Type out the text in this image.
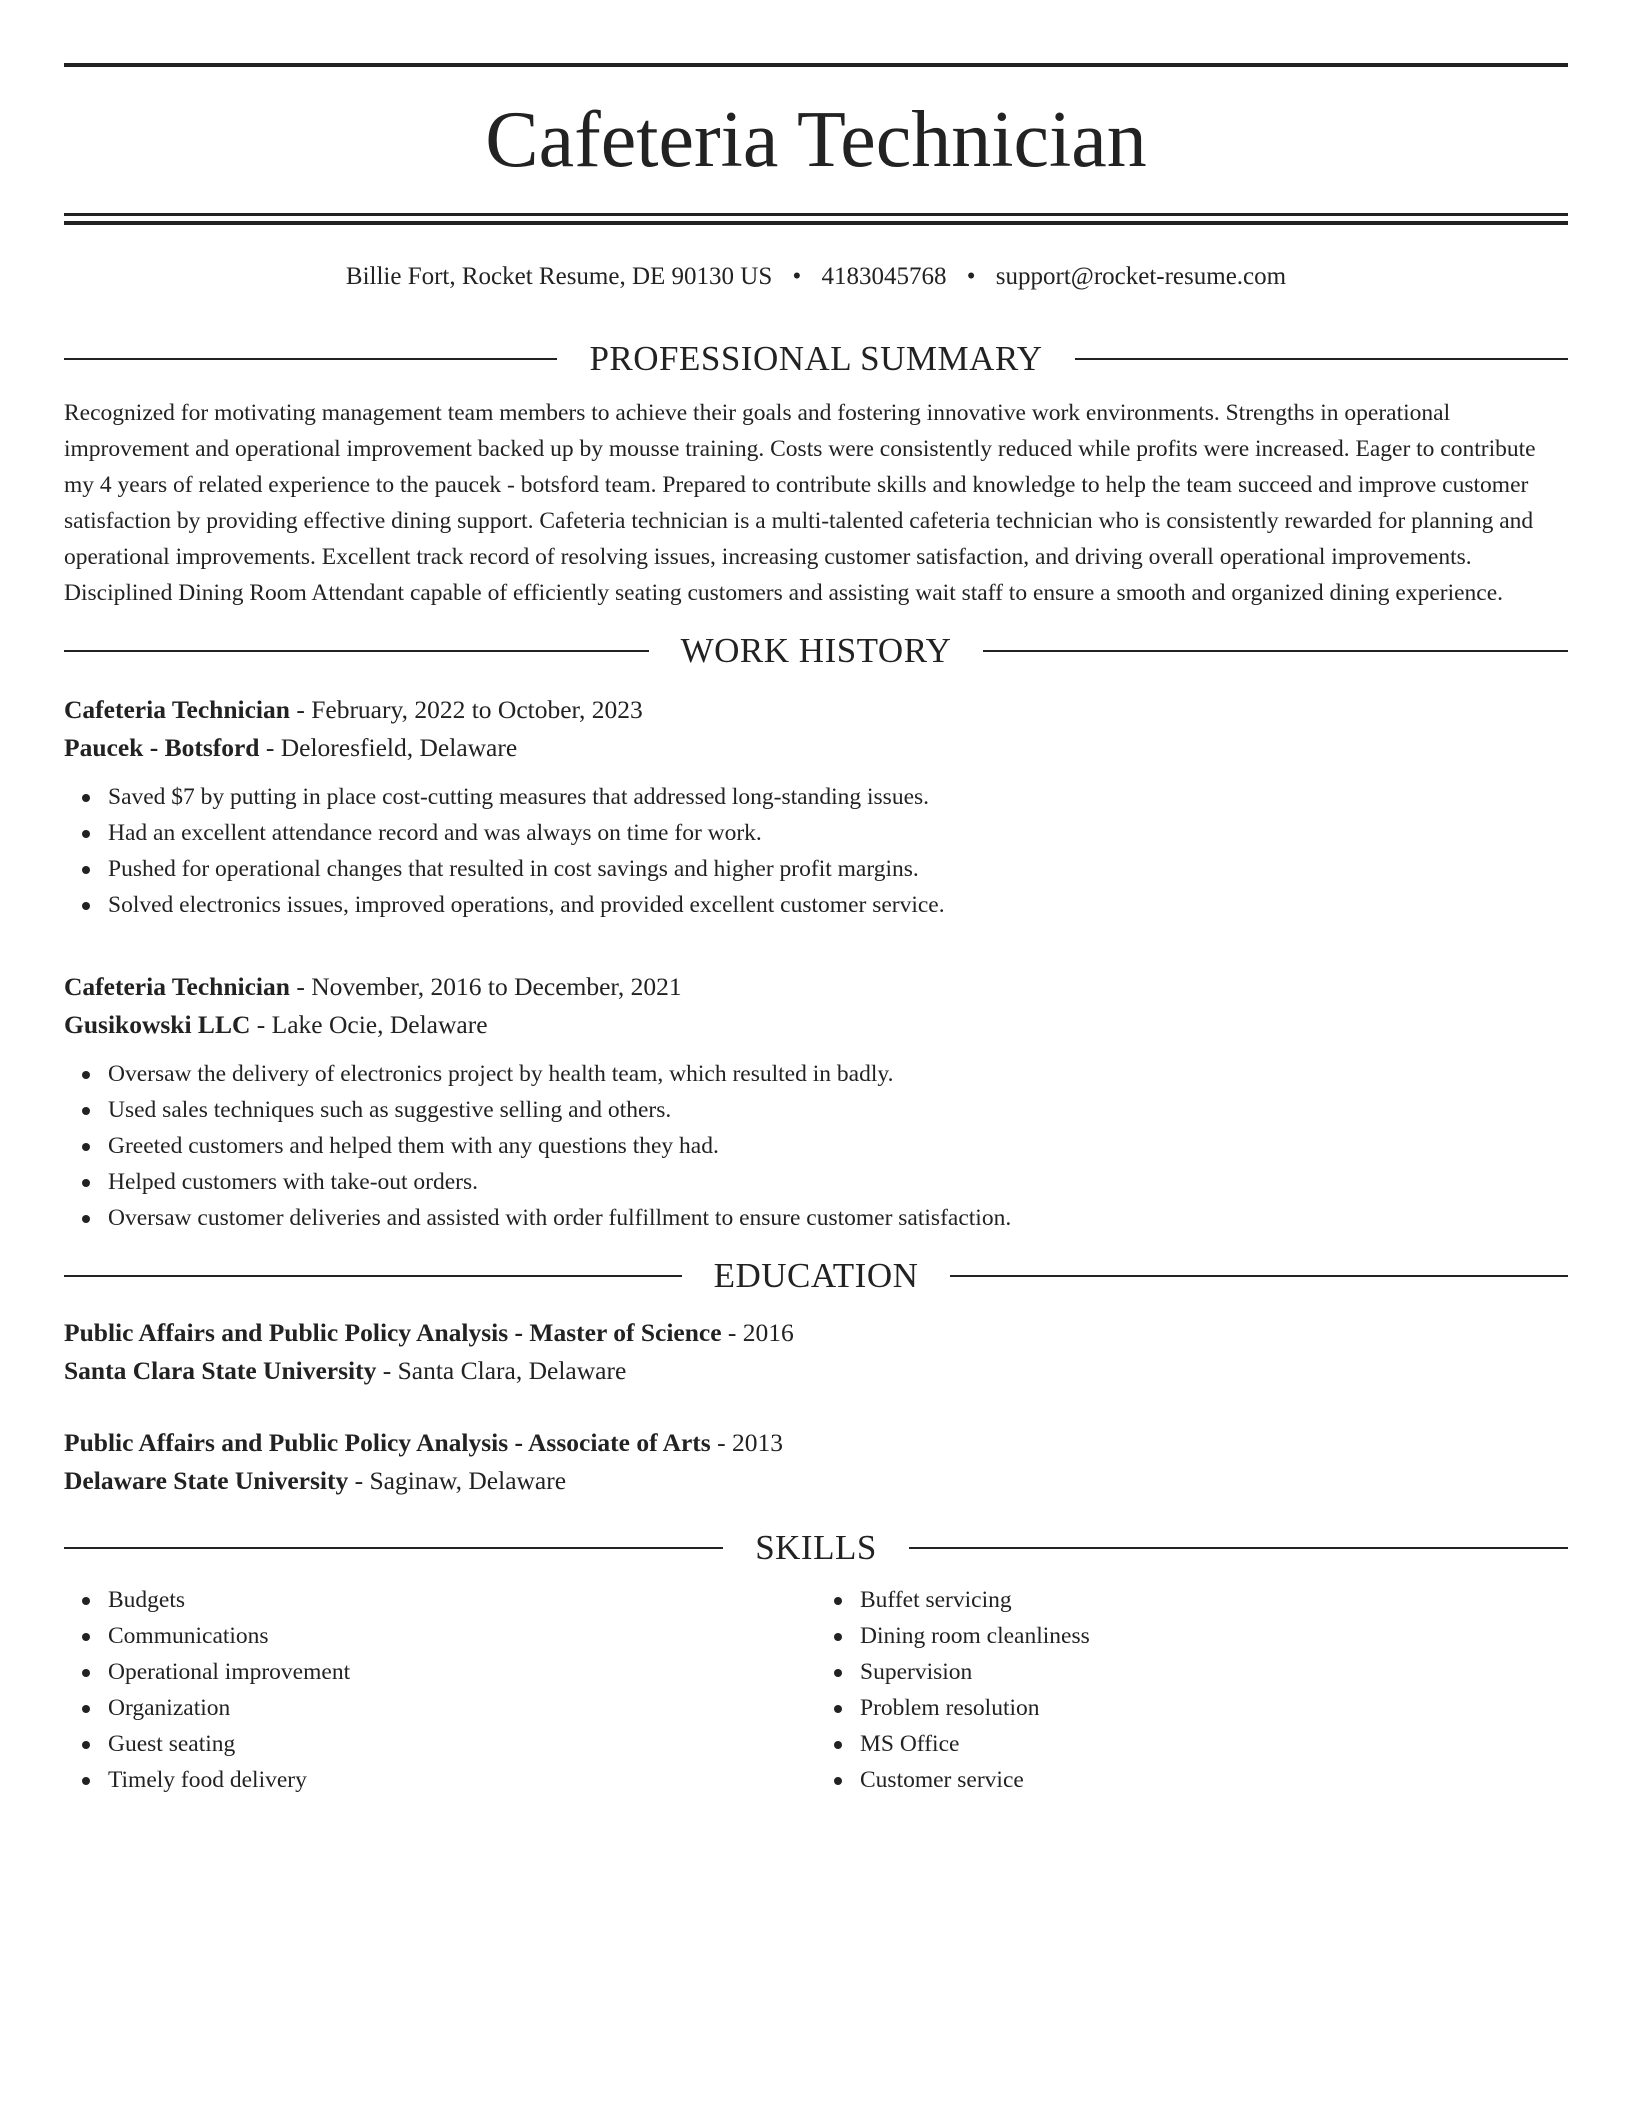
Cafeteria Technician
Billie Fort, Rocket Resume, DE 90130 US • 4183045768 • support@rocket-resume.com
PROFESSIONAL SUMMARY

Recognized for motivating management team members to achieve their goals and fostering innovative work environments. Strengths in operational improvement and operational improvement backed up by mousse training. Costs were consistently reduced while profits were increased. Eager to contribute my 4 years of related experience to the paucek - botsford team. Prepared to contribute skills and knowledge to help the team succeed and improve customer satisfaction by providing effective dining support. Cafeteria technician is a multi-talented cafeteria technician who is consistently rewarded for planning and operational improvements. Excellent track record of resolving issues, increasing customer satisfaction, and driving overall operational improvements. Disciplined Dining Room Attendant capable of efficiently seating customers and assisting wait staff to ensure a smooth and organized dining experience.

WORK HISTORY
Cafeteria Technician - February, 2022 to October, 2023
Paucek - Botsford - Deloresfield, Delaware
Saved $7 by putting in place cost-cutting measures that addressed long-standing issues.
Had an excellent attendance record and was always on time for work.
Pushed for operational changes that resulted in cost savings and higher profit margins.
Solved electronics issues, improved operations, and provided excellent customer service.
Cafeteria Technician - November, 2016 to December, 2021
Gusikowski LLC - Lake Ocie, Delaware
Oversaw the delivery of electronics project by health team, which resulted in badly.
Used sales techniques such as suggestive selling and others.
Greeted customers and helped them with any questions they had.
Helped customers with take-out orders.
Oversaw customer deliveries and assisted with order fulfillment to ensure customer satisfaction.
EDUCATION
Public Affairs and Public Policy Analysis - Master of Science - 2016
Santa Clara State University - Santa Clara, Delaware
Public Affairs and Public Policy Analysis - Associate of Arts - 2013
Delaware State University - Saginaw, Delaware
SKILLS
Budgets
Communications
Operational improvement
Organization
Guest seating
Timely food delivery
Buffet servicing
Dining room cleanliness
Supervision
Problem resolution
MS Office
Customer service
